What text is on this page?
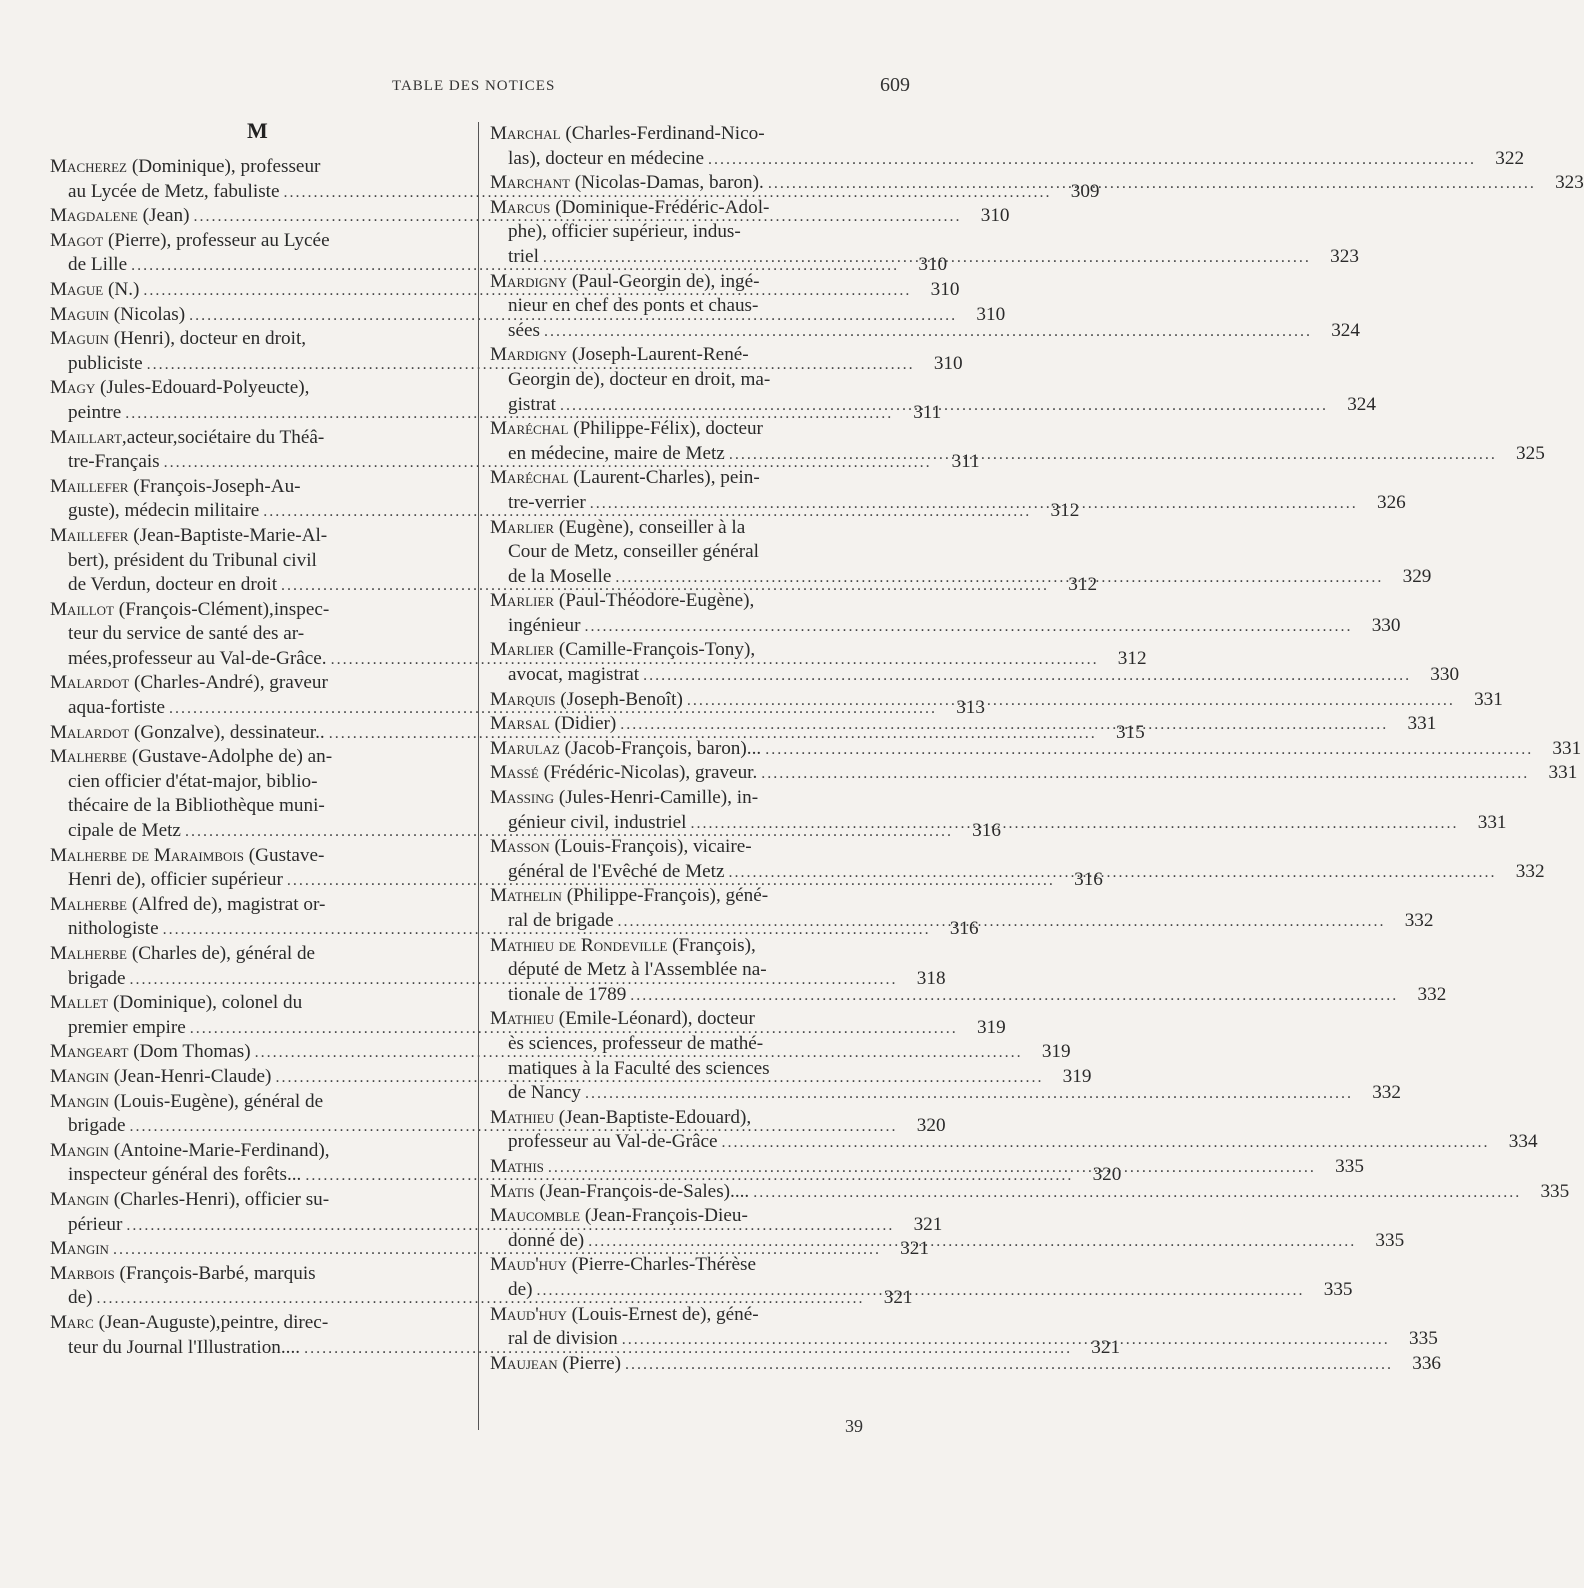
TABLE DES NOTICES	609
M
Macherez (Dominique), professeur
au Lycée de Metz, fabuliste .....	309
Magdalene (Jean) .....	310
Magot (Pierre), professeur au Lycée
de Lille .....	310
Mague (N.) .....	310
Maguin (Nicolas) .....	310
Maguin (Henri), docteur en droit,
publiciste .....	310
Magy (Jules-Edouard-Polyeucte),
peintre .....	311
Maillart,acteur,sociétaire du Théâ-
tre-Français .....	311
Maillefer (François-Joseph-Au-
guste), médecin militaire .....	312
Maillefer (Jean-Baptiste-Marie-Al-
bert), président du Tribunal civil
de Verdun, docteur en droit .....	312
Maillot (François-Clément),inspec-
teur du service de santé des ar-
mées,professeur au Val-de-Grâce. .....	312
Malardot (Charles-André), graveur
aqua-fortiste .....	313
Malardot (Gonzalve), dessinateur.. .....	315
Malherbe (Gustave-Adolphe de) an-
cien officier d'état-major, biblio-
thécaire de la Bibliothèque muni-
cipale de Metz .....	316
Malherbe de Maraimbois (Gustave-
Henri de), officier supérieur .....	316
Malherbe (Alfred de), magistrat or-
nithologiste .....	316
Malherbe (Charles de), général de
brigade .....	318
Mallet (Dominique), colonel du
premier empire .....	319
Mangeart (Dom Thomas) .....	319
Mangin (Jean-Henri-Claude) .....	319
Mangin (Louis-Eugène), général de
brigade .....	320
Mangin (Antoine-Marie-Ferdinand),
inspecteur général des forêts... .....	320
Mangin (Charles-Henri), officier su-
périeur .....	321
Mangin .....	321
Marbois (François-Barbé, marquis
de) .....	321
Marc (Jean-Auguste),peintre, direc-
teur du Journal l'Illustration.... .....	321
Marchal (Charles-Ferdinand-Nico-
las), docteur en médecine .....	322
Marchant (Nicolas-Damas, baron). .....	323
Marcus (Dominique-Frédéric-Adol-
phe), officier supérieur, indus-
triel .....	323
Mardigny (Paul-Georgin de), ingé-
nieur en chef des ponts et chaus-
sées .....	324
Mardigny (Joseph-Laurent-René-
Georgin de), docteur en droit, ma-
gistrat .....	324
Maréchal (Philippe-Félix), docteur
en médecine, maire de Metz .....	325
Maréchal (Laurent-Charles), pein-
tre-verrier .....	326
Marlier (Eugène), conseiller à la
Cour de Metz, conseiller général
de la Moselle .....	329
Marlier (Paul-Théodore-Eugène),
ingénieur .....	330
Marlier (Camille-François-Tony),
avocat, magistrat .....	330
Marquis (Joseph-Benoît) .....	331
Marsal (Didier) .....	331
Marulaz (Jacob-François, baron)... .....	331
Massé (Frédéric-Nicolas), graveur. .....	331
Massing (Jules-Henri-Camille), in-
génieur civil, industriel .....	331
Masson (Louis-François), vicaire-
général de l'Evêché de Metz .....	332
Mathelin (Philippe-François), géné-
ral de brigade .....	332
Mathieu de Rondeville (François),
député de Metz à l'Assemblée na-
tionale de 1789 .....	332
Mathieu (Emile-Léonard), docteur
ès sciences, professeur de mathé-
matiques à la Faculté des sciences
de Nancy .....	332
Mathieu (Jean-Baptiste-Edouard),
professeur au Val-de-Grâce .....	334
Mathis .....	335
Matis (Jean-François-de-Sales).... .....	335
Maucomble (Jean-François-Dieu-
donné de) .....	335
Maud'huy (Pierre-Charles-Thérèse
de) .....	335
Maud'huy (Louis-Ernest de), géné-
ral de division .....	335
Maujean (Pierre) .....	336
39
